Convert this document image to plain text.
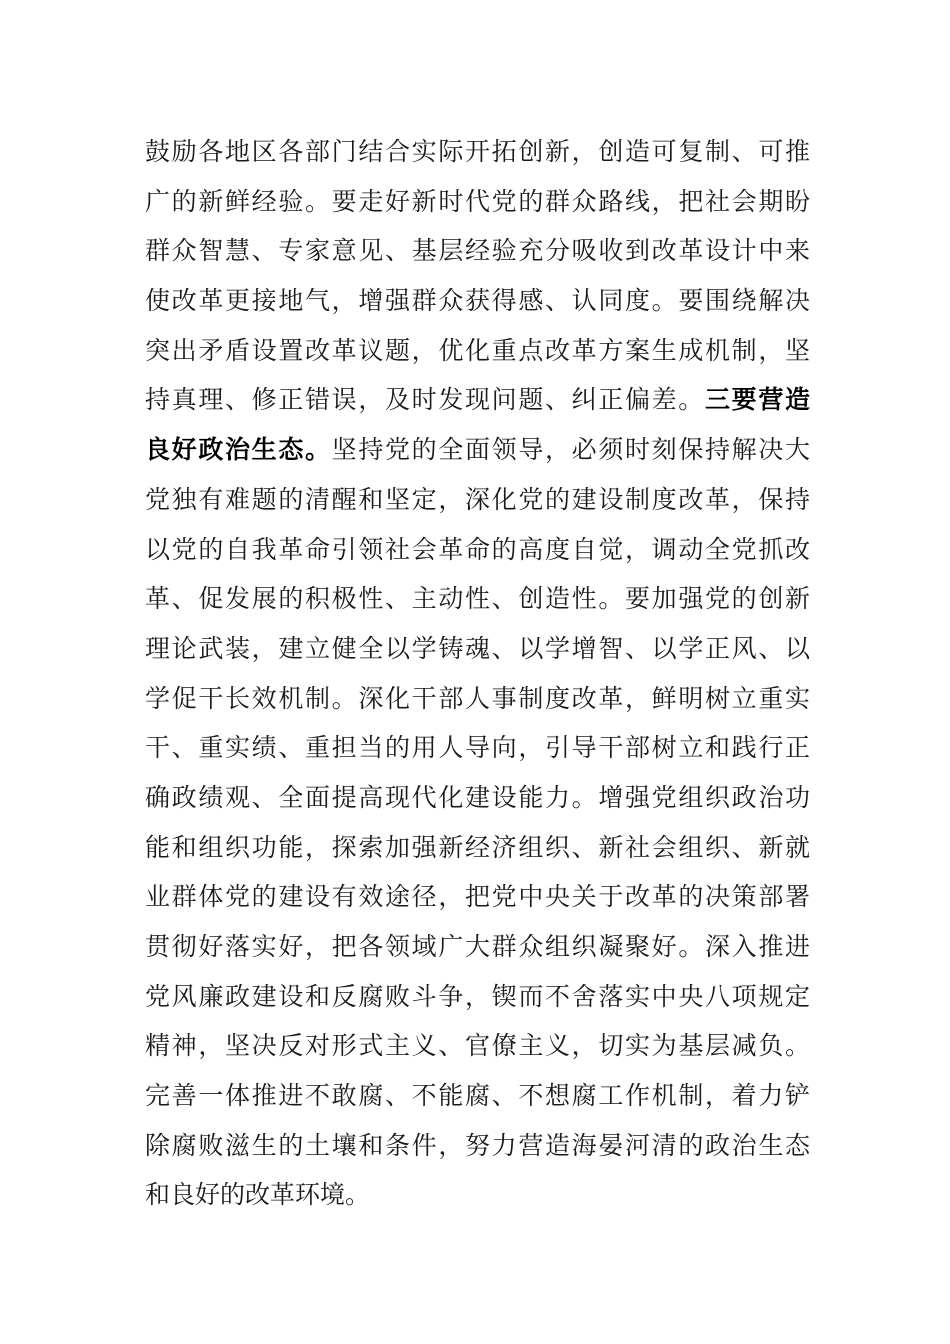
鼓励各地区各部门结合实际开拓创新，创造可复制、可推
广的新鲜经验。要走好新时代党的群众路线，把社会期盼
群众智慧、专家意见、基层经验充分吸收到改革设计中来
使改革更接地气，增强群众获得感、认同度。要围绕解决
突出矛盾设置改革议题，优化重点改革方案生成机制，坚
持真理、修正错误，及时发现问题、纠正偏差。三要营造
良好政治生态。坚持党的全面领导，必须时刻保持解决大
党独有难题的清醒和坚定，深化党的建设制度改革，保持
以党的自我革命引领社会革命的高度自觉，调动全党抓改
革、促发展的积极性、主动性、创造性。要加强党的创新
理论武装，建立健全以学铸魂、以学增智、以学正风、以
学促干长效机制。深化干部人事制度改革，鲜明树立重实
干、重实绩、重担当的用人导向，引导干部树立和践行正
确政绩观、全面提高现代化建设能力。增强党组织政治功
能和组织功能，探索加强新经济组织、新社会组织、新就
业群体党的建设有效途径，把党中央关于改革的决策部署
贯彻好落实好，把各领域广大群众组织凝聚好。深入推进
党风廉政建设和反腐败斗争，锲而不舍落实中央八项规定
精神，坚决反对形式主义、官僚主义，切实为基层减负。
完善一体推进不敢腐、不能腐、不想腐工作机制，着力铲
除腐败滋生的土壤和条件，努力营造海晏河清的政治生态
和良好的改革环境。
